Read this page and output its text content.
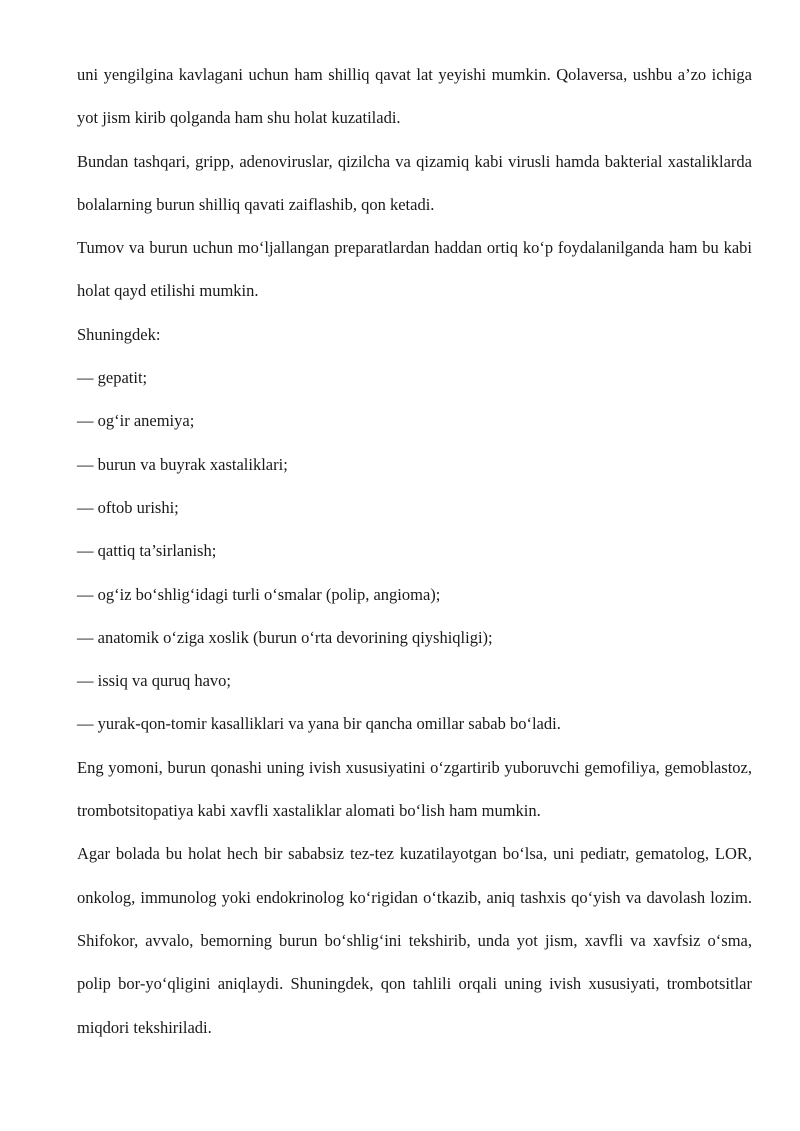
uni yengilgina kavlagani uchun ham shilliq qavat lat yeyishi mumkin. Qolaversa, ushbu a’zo ichiga yot jism kirib qolganda ham shu holat kuzatiladi.

Bundan tashqari, gripp, adenoviruslar, qizilcha va qizamiq kabi virusli hamda bakterial xastaliklarda bolalarning burun shilliq qavati zaiflashib, qon ketadi.

Tumov va burun uchun mo‘ljallangan preparatlardan haddan ortiq ko‘p foydalanilganda ham bu kabi holat qayd etilishi mumkin.

Shuningdek:

— gepatit;
— og‘ir anemiya;
— burun va buyrak xastaliklari;
— oftob urishi;
— qattiq ta’sirlanish;
— og‘iz bo‘shlig‘idagi turli o‘smalar (polip, angioma);
— anatomik o‘ziga xoslik (burun o‘rta devorining qiyshiqligi);
— issiq va quruq havo;
— yurak-qon-tomir kasalliklari va yana bir qancha omillar sabab bo‘ladi.

Eng yomoni, burun qonashi uning ivish xususiyatini o‘zgartirib yuboruvchi gemofiliya, gemoblastoz, trombotsitopatiya kabi xavfli xastaliklar alomati bo‘lish ham mumkin.

Agar bolada bu holat hech bir sababsiz tez-tez kuzatilayotgan bo‘lsa, uni pediatr, gematolog, LOR, onkolog, immunolog yoki endokrinolog ko‘rigidan o‘tkazib, aniq tashxis qo‘yish va davolash lozim. Shifokor, avvalo, bemorning burun bo‘shlig‘ini tekshirib, unda yot jism, xavfli va xavfsiz o‘sma, polip bor-yo‘qligini aniqlaydi. Shuningdek, qon tahlili orqali uning ivish xususiyati, trombotsitlar miqdori tekshiriladi.
